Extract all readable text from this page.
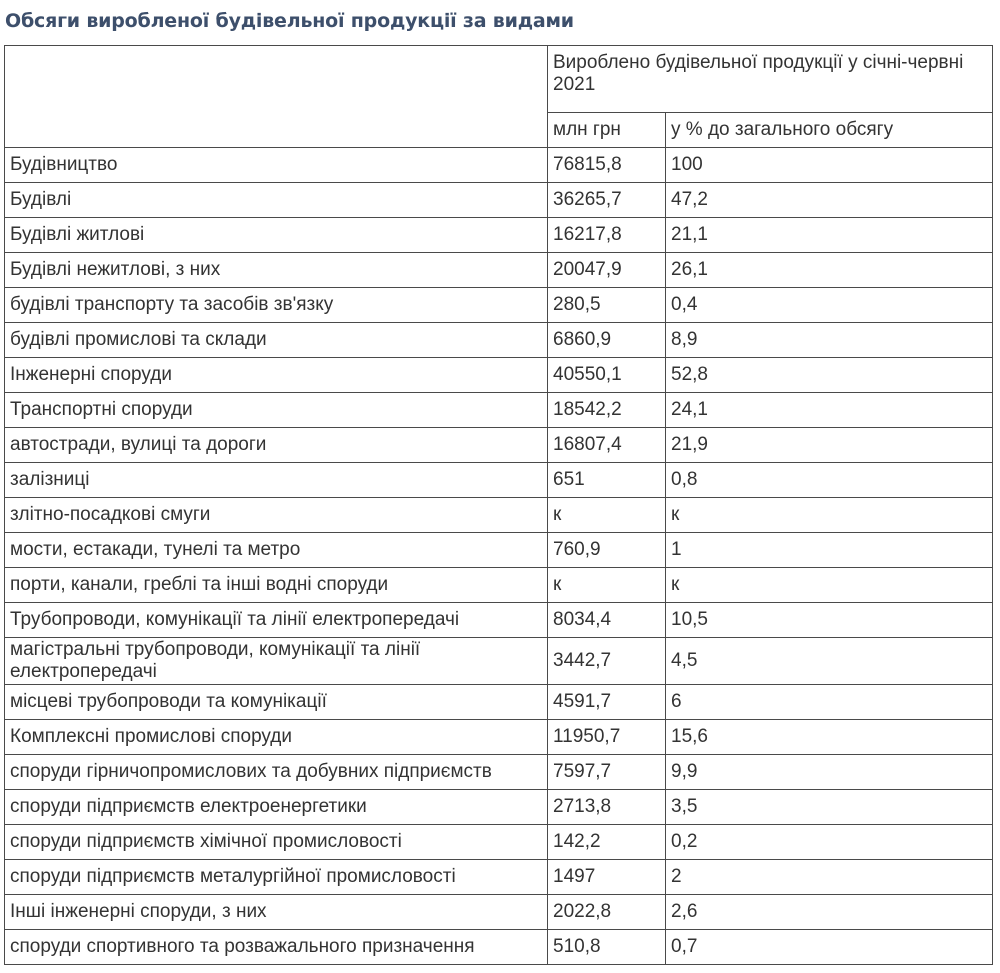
Обсяги виробленої будівельної продукції за видами
	Вироблено будівельної продукції у січні-червні 2021	
	млн грн	у % до загального обсягу
Будівництво	76815,8	100
Будівлі	36265,7	47,2
Будівлі житлові	16217,8	21,1
Будівлі нежитлові, з них	20047,9	26,1
будівлі транспорту та засобів зв'язку	280,5	0,4
будівлі промислові та склади	6860,9	8,9
Інженерні споруди	40550,1	52,8
Транспортні споруди	18542,2	24,1
автостради, вулиці та дороги	16807,4	21,9
залізниці	651	0,8
злітно-посадкові смуги	к	к
мости, естакади, тунелі та метро	760,9	1
порти, канали, греблі та інші водні споруди	к	к
Трубопроводи, комунікації та лінії електропередачі	8034,4	10,5
магістральні трубопроводи, комунікації та лінії електропередачі	3442,7	4,5
місцеві трубопроводи та комунікації	4591,7	6
Комплексні промислові споруди	11950,7	15,6
споруди гірничопромислових та добувних підприємств	7597,7	9,9
споруди підприємств електроенергетики	2713,8	3,5
споруди підприємств хімічної промисловості	142,2	0,2
споруди підприємств металургійної промисловості	1497	2
Інші інженерні споруди, з них	2022,8	2,6
споруди спортивного та розважального призначення	510,8	0,7
